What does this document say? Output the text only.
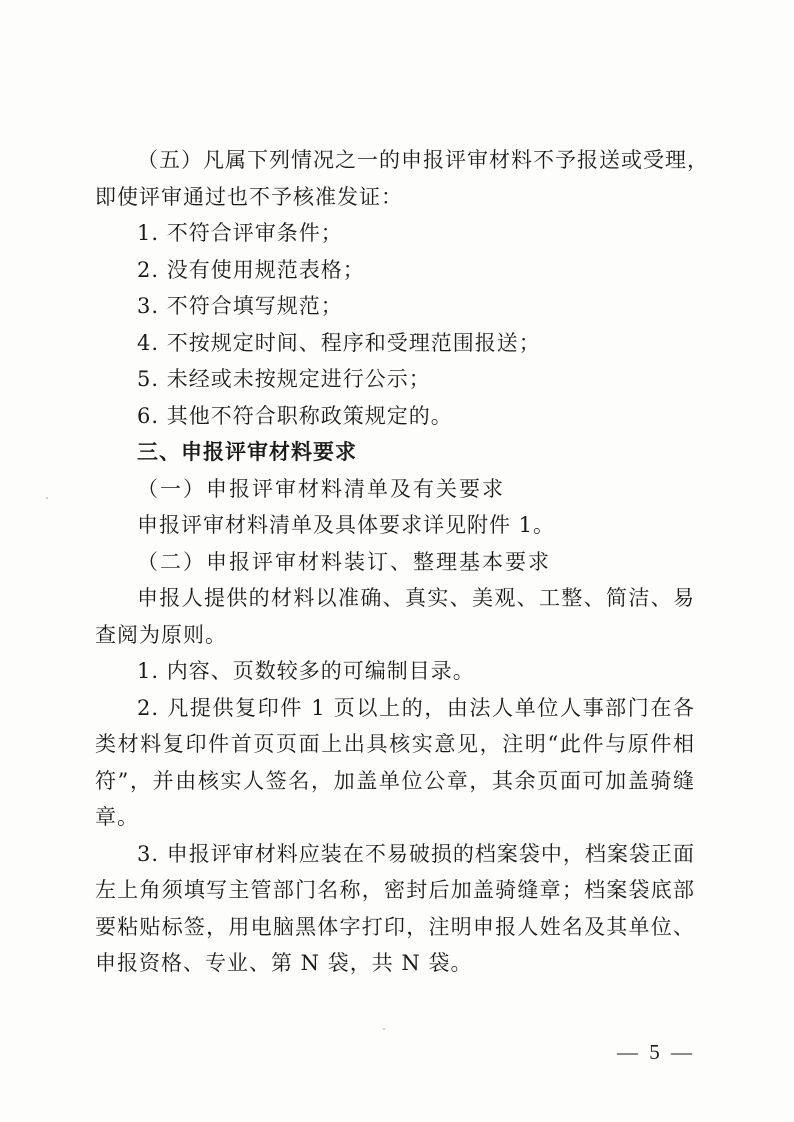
（五）凡属下列情况之一的申报评审材料不予报送或受理，
即使评审通过也不予核准发证：
1. 不符合评审条件；
2. 没有使用规范表格；
3. 不符合填写规范；
4. 不按规定时间、程序和受理范围报送；
5. 未经或未按规定进行公示；
6. 其他不符合职称政策规定的。
三、申报评审材料要求
（一）申报评审材料清单及有关要求
申报评审材料清单及具体要求详见附件 1。
（二）申报评审材料装订、整理基本要求
申报人提供的材料以准确、真实、美观、工整、简洁、易查阅为原则。
1. 内容、页数较多的可编制目录。
2. 凡提供复印件 1 页以上的，由法人单位人事部门在各类材料复印件首页页面上出具核实意见，注明“此件与原件相符”，并由核实人签名，加盖单位公章，其余页面可加盖骑缝章。
3. 申报评审材料应装在不易破损的档案袋中，档案袋正面左上角须填写主管部门名称，密封后加盖骑缝章；档案袋底部要粘贴标签，用电脑黑体字打印，注明申报人姓名及其单位、申报资格、专业、第 N 袋，共 N 袋。
— 5 —
